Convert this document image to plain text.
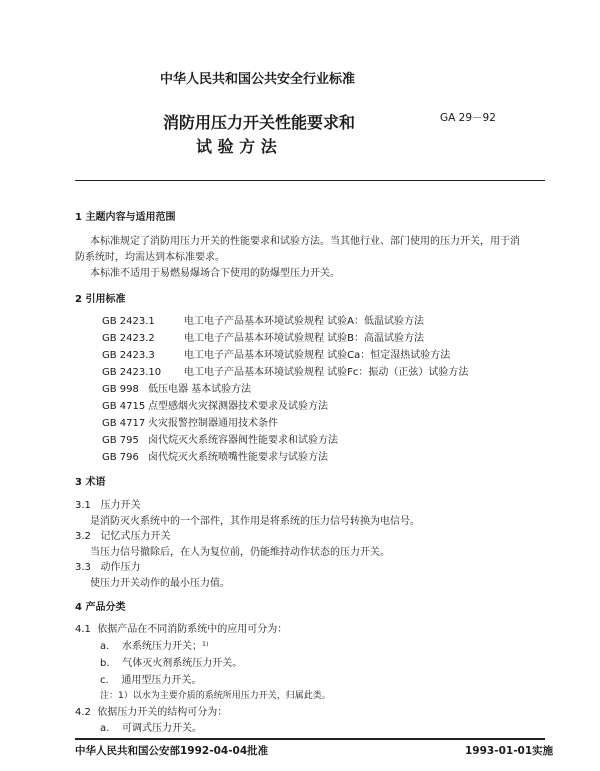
中华人民共和国公共安全行业标准
消防用压力开关性能要求和
试 验 方 法
GA 29－92
1 主题内容与适用范围
本标准规定了消防用压力开关的性能要求和试验方法。当其他行业、部门使用的压力开关，用于消
防系统时，均需达到本标准要求。
本标准不适用于易燃易爆场合下使用的防爆型压力开关。
2 引用标准
GB 2423.1	电工电子产品基本环境试验规程 试验A：低温试验方法
GB 2423.2	电工电子产品基本环境试验规程 试验B：高温试验方法
GB 2423.3	电工电子产品基本环境试验规程 试验Ca：恒定湿热试验方法
GB 2423.10 电工电子产品基本环境试验规程 试验Fc：振动（正弦）试验方法
GB 998 低压电器 基本试验方法
GB 4715 点型感烟火灾探测器技术要求及试验方法
GB 4717 火灾报警控制器通用技术条件
GB 795 卤代烷灭火系统容器阀性能要求和试验方法
GB 796 卤代烷灭火系统喷嘴性能要求与试验方法
3 术语
3.1 压力开关
是消防灭火系统中的一个部件，其作用是将系统的压力信号转换为电信号。
3.2 记忆式压力开关
当压力信号撤除后，在人为复位前，仍能维持动作状态的压力开关。
3.3 动作压力
使压力开关动作的最小压力值。
4 产品分类
4.1 依据产品在不同消防系统中的应用可分为：
a. 水系统压力开关；¹⁾
b. 气体灭火剂系统压力开关。
c. 通用型压力开关。
注：1）以水为主要介质的系统所用压力开关，归属此类。
4.2 依据压力开关的结构可分为：
a. 可调式压力开关。
中华人民共和国公安部1992-04-04批准	1993-01-01实施
